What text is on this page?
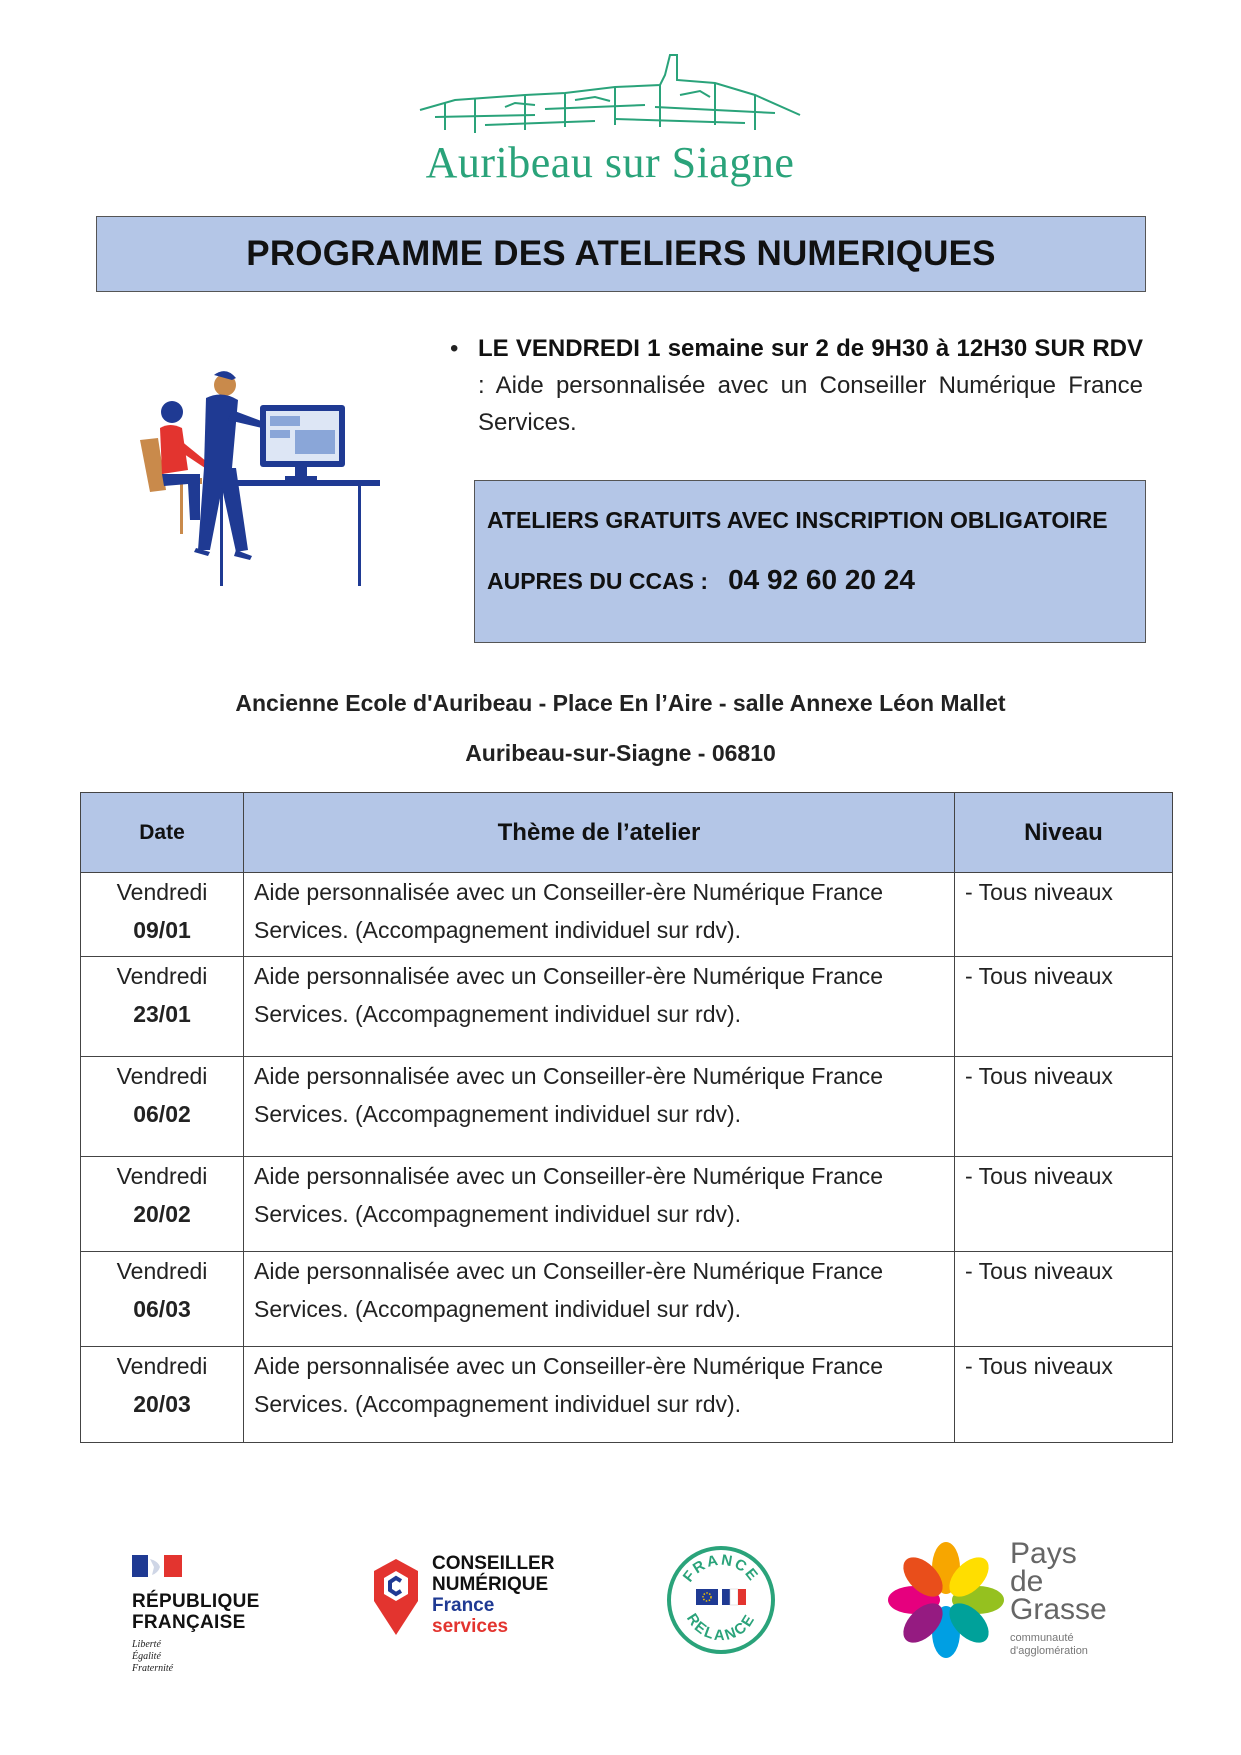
Auribeau sur Siagne
PROGRAMME DES ATELIERS NUMERIQUES
• LE VENDREDI 1 semaine sur 2 de 9H30 à 12H30 SUR RDV : Aide personnalisée avec un Conseiller Numérique France Services.
ATELIERS GRATUITS AVEC INSCRIPTION OBLIGATOIRE
AUPRES DU CCAS : 04 92 60 20 24
Ancienne Ecole d'Auribeau - Place En l’Aire - salle Annexe Léon Mallet
Auribeau-sur-Siagne - 06810
Date	Thème de l’atelier	Niveau
Vendredi
09/01	Aide personnalisée avec un Conseiller-ère Numérique France Services. (Accompagnement individuel sur rdv).	- Tous niveaux
Vendredi
23/01	Aide personnalisée avec un Conseiller-ère Numérique France Services. (Accompagnement individuel sur rdv).	- Tous niveaux
Vendredi
06/02	Aide personnalisée avec un Conseiller-ère Numérique France Services. (Accompagnement individuel sur rdv).	- Tous niveaux
Vendredi
20/02	Aide personnalisée avec un Conseiller-ère Numérique France Services. (Accompagnement individuel sur rdv).	- Tous niveaux
Vendredi
06/03	Aide personnalisée avec un Conseiller-ère Numérique France Services. (Accompagnement individuel sur rdv).	- Tous niveaux
Vendredi
20/03	Aide personnalisée avec un Conseiller-ère Numérique France Services. (Accompagnement individuel sur rdv).	- Tous niveaux
RÉPUBLIQUE
FRANÇAISE
Liberté
Égalité
Fraternité
CONSEILLER
NUMÉRIQUE
France
services
FRANCE
RELANCE
Pays
de
Grasse
communauté
d'agglomération
